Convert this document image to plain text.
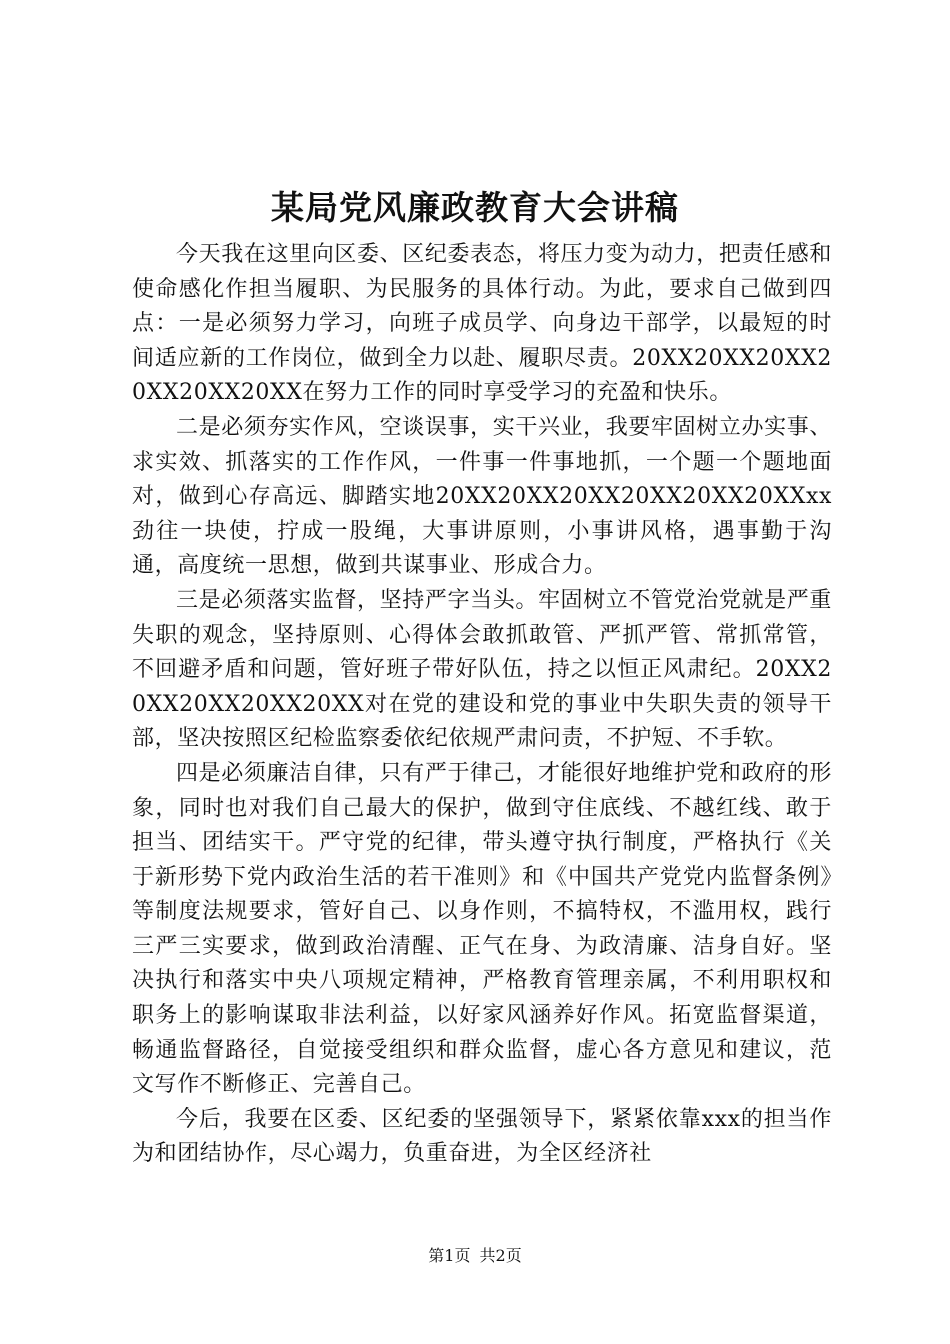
某局党风廉政教育大会讲稿

今天我在这里向区委、区纪委表态，将压力变为动力，把责任感和使命感化作担当履职、为民服务的具体行动。为此，要求自己做到四点：一是必须努力学习，向班子成员学、向身边干部学，以最短的时间适应新的工作岗位，做到全力以赴、履职尽责。20XX20XX20XX20XX20XX20XX在努力工作的同时享受学习的充盈和快乐。

二是必须夯实作风，空谈误事，实干兴业，我要牢固树立办实事、求实效、抓落实的工作作风，一件事一件事地抓，一个题一个题地面对，做到心存高远、脚踏实地20XX20XX20XX20XX20XX20XXxx劲往一块使，拧成一股绳，大事讲原则，小事讲风格，遇事勤于沟通，高度统一思想，做到共谋事业、形成合力。

三是必须落实监督，坚持严字当头。牢固树立不管党治党就是严重失职的观念，坚持原则、心得体会敢抓敢管、严抓严管、常抓常管，不回避矛盾和问题，管好班子带好队伍，持之以恒正风肃纪。20XX20XX20XX20XX20XX对在党的建设和党的事业中失职失责的领导干部，坚决按照区纪检监察委依纪依规严肃问责，不护短、不手软。

四是必须廉洁自律，只有严于律己，才能很好地维护党和政府的形象，同时也对我们自己最大的保护，做到守住底线、不越红线、敢于担当、团结实干。严守党的纪律，带头遵守执行制度，严格执行《关于新形势下党内政治生活的若干准则》和《中国共产党党内监督条例》等制度法规要求，管好自己、以身作则，不搞特权，不滥用权，践行三严三实要求，做到政治清醒、正气在身、为政清廉、洁身自好。坚决执行和落实中央八项规定精神，严格教育管理亲属，不利用职权和职务上的影响谋取非法利益，以好家风涵养好作风。拓宽监督渠道，畅通监督路径，自觉接受组织和群众监督，虚心各方意见和建议，范文写作不断修正、完善自己。

今后，我要在区委、区纪委的坚强领导下，紧紧依靠xxx的担当作为和团结协作，尽心竭力，负重奋进，为全区经济社

第1页 共2页
